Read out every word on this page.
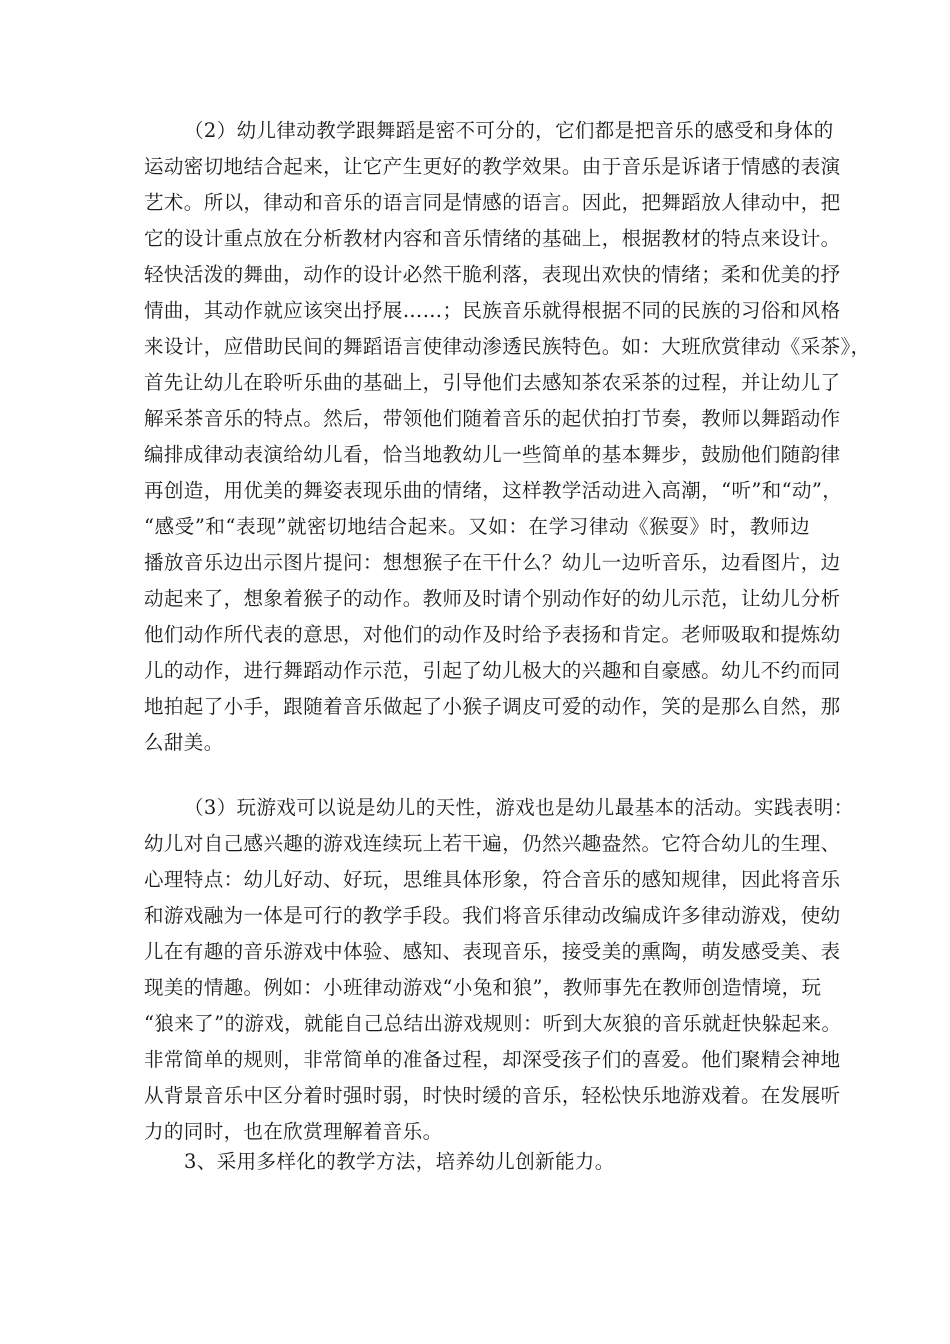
（2）幼儿律动教学跟舞蹈是密不可分的，它们都是把音乐的感受和身体的
运动密切地结合起来，让它产生更好的教学效果。由于音乐是诉诸于情感的表演
艺术。所以，律动和音乐的语言同是情感的语言。因此，把舞蹈放人律动中，把
它的设计重点放在分析教材内容和音乐情绪的基础上，根据教材的特点来设计。
轻快活泼的舞曲，动作的设计必然干脆利落，表现出欢快的情绪；柔和优美的抒
情曲，其动作就应该突出抒展……；民族音乐就得根据不同的民族的习俗和风格
来设计，应借助民间的舞蹈语言使律动渗透民族特色。如：大班欣赏律动《采茶》，
首先让幼儿在聆听乐曲的基础上，引导他们去感知茶农采茶的过程，并让幼儿了
解采茶音乐的特点。然后，带领他们随着音乐的起伏拍打节奏，教师以舞蹈动作
编排成律动表演给幼儿看，恰当地教幼儿一些简单的基本舞步，鼓励他们随韵律
再创造，用优美的舞姿表现乐曲的情绪，这样教学活动进入高潮，“听”和“动”，
“感受”和“表现”就密切地结合起来。又如：在学习律动《猴耍》时，教师边
播放音乐边出示图片提问：想想猴子在干什么？幼儿一边听音乐，边看图片，边
动起来了，想象着猴子的动作。教师及时请个别动作好的幼儿示范，让幼儿分析
他们动作所代表的意思，对他们的动作及时给予表扬和肯定。老师吸取和提炼幼
儿的动作，进行舞蹈动作示范，引起了幼儿极大的兴趣和自豪感。幼儿不约而同
地拍起了小手，跟随着音乐做起了小猴子调皮可爱的动作，笑的是那么自然，那
么甜美。
（3）玩游戏可以说是幼儿的天性，游戏也是幼儿最基本的活动。实践表明：
幼儿对自己感兴趣的游戏连续玩上若干遍，仍然兴趣盎然。它符合幼儿的生理、
心理特点：幼儿好动、好玩，思维具体形象，符合音乐的感知规律，因此将音乐
和游戏融为一体是可行的教学手段。我们将音乐律动改编成许多律动游戏，使幼
儿在有趣的音乐游戏中体验、感知、表现音乐，接受美的熏陶，萌发感受美、表
现美的情趣。例如：小班律动游戏“小兔和狼”，教师事先在教师创造情境，玩
“狼来了”的游戏，就能自己总结出游戏规则：听到大灰狼的音乐就赶快躲起来。
非常简单的规则，非常简单的准备过程，却深受孩子们的喜爱。他们聚精会神地
从背景音乐中区分着时强时弱，时快时缓的音乐，轻松快乐地游戏着。在发展听
力的同时，也在欣赏理解着音乐。
3、采用多样化的教学方法，培养幼儿创新能力。
